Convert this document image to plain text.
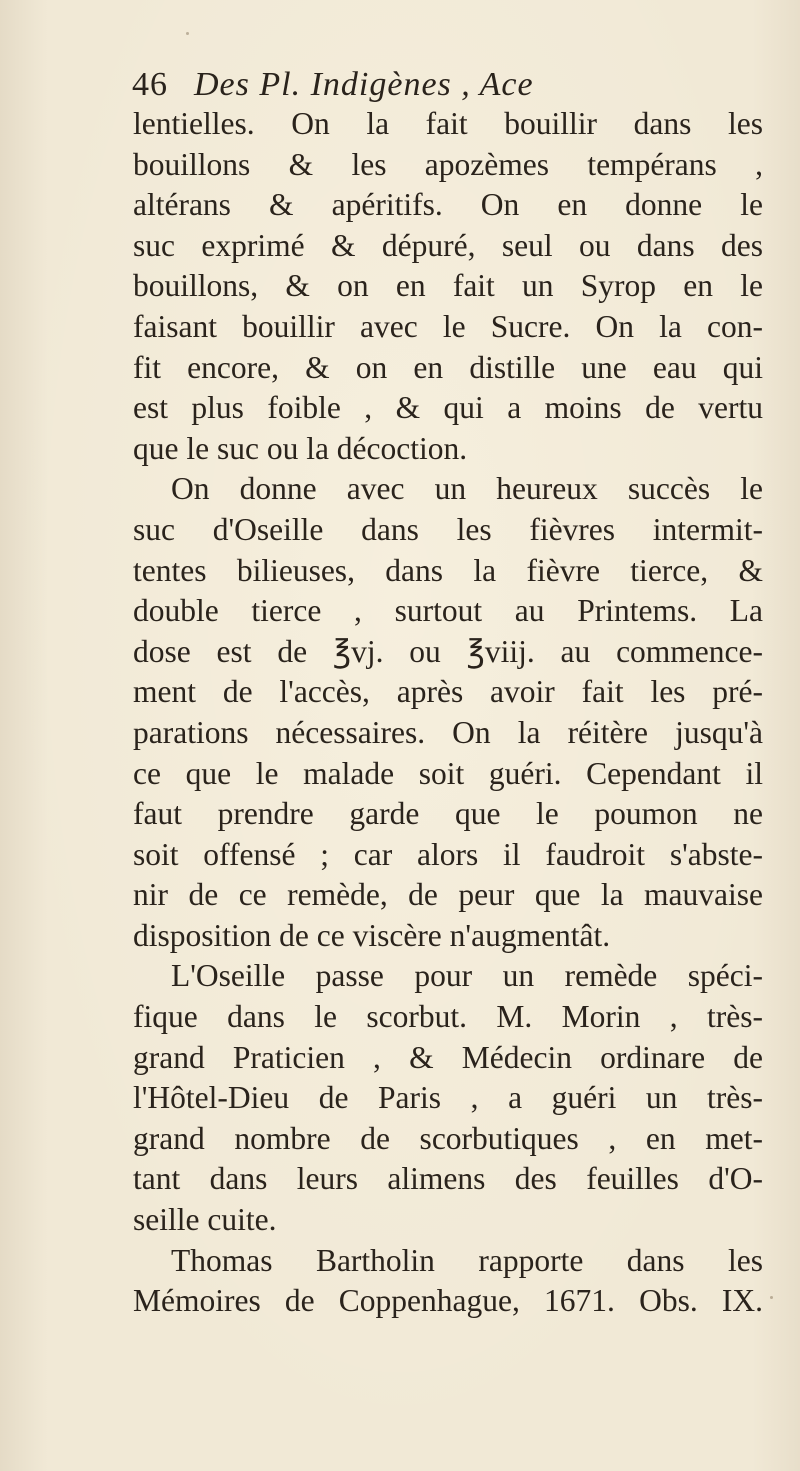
46 Des Pl. Indigènes , Ace
lentielles. On la fait bouillir dans les
bouillons & les apozèmes tempérans ,
altérans & apéritifs. On en donne le
suc exprimé & dépuré, seul ou dans des
bouillons, & on en fait un Syrop en le
faisant bouillir avec le Sucre. On la con-
fit encore, & on en distille une eau qui
est plus foible , & qui a moins de vertu
que le suc ou la décoction.
On donne avec un heureux succès le
suc d'Oseille dans les fièvres intermit-
tentes bilieuses, dans la fièvre tierce, &
double tierce , surtout au Printems. La
dose est de ℥vj. ou ℥viij. au commence-
ment de l'accès, après avoir fait les pré-
parations nécessaires. On la réitère jusqu'à
ce que le malade soit guéri. Cependant il
faut prendre garde que le poumon ne
soit offensé ; car alors il faudroit s'abste-
nir de ce remède, de peur que la mauvaise
disposition de ce viscère n'augmentât.
L'Oseille passe pour un remède spéci-
fique dans le scorbut. M. Morin , très-
grand Praticien , & Médecin ordinare de
l'Hôtel-Dieu de Paris , a guéri un très-
grand nombre de scorbutiques , en met-
tant dans leurs alimens des feuilles d'O-
seille cuite.
Thomas Bartholin rapporte dans les
Mémoires de Coppenhague, 1671. Obs. IX.
